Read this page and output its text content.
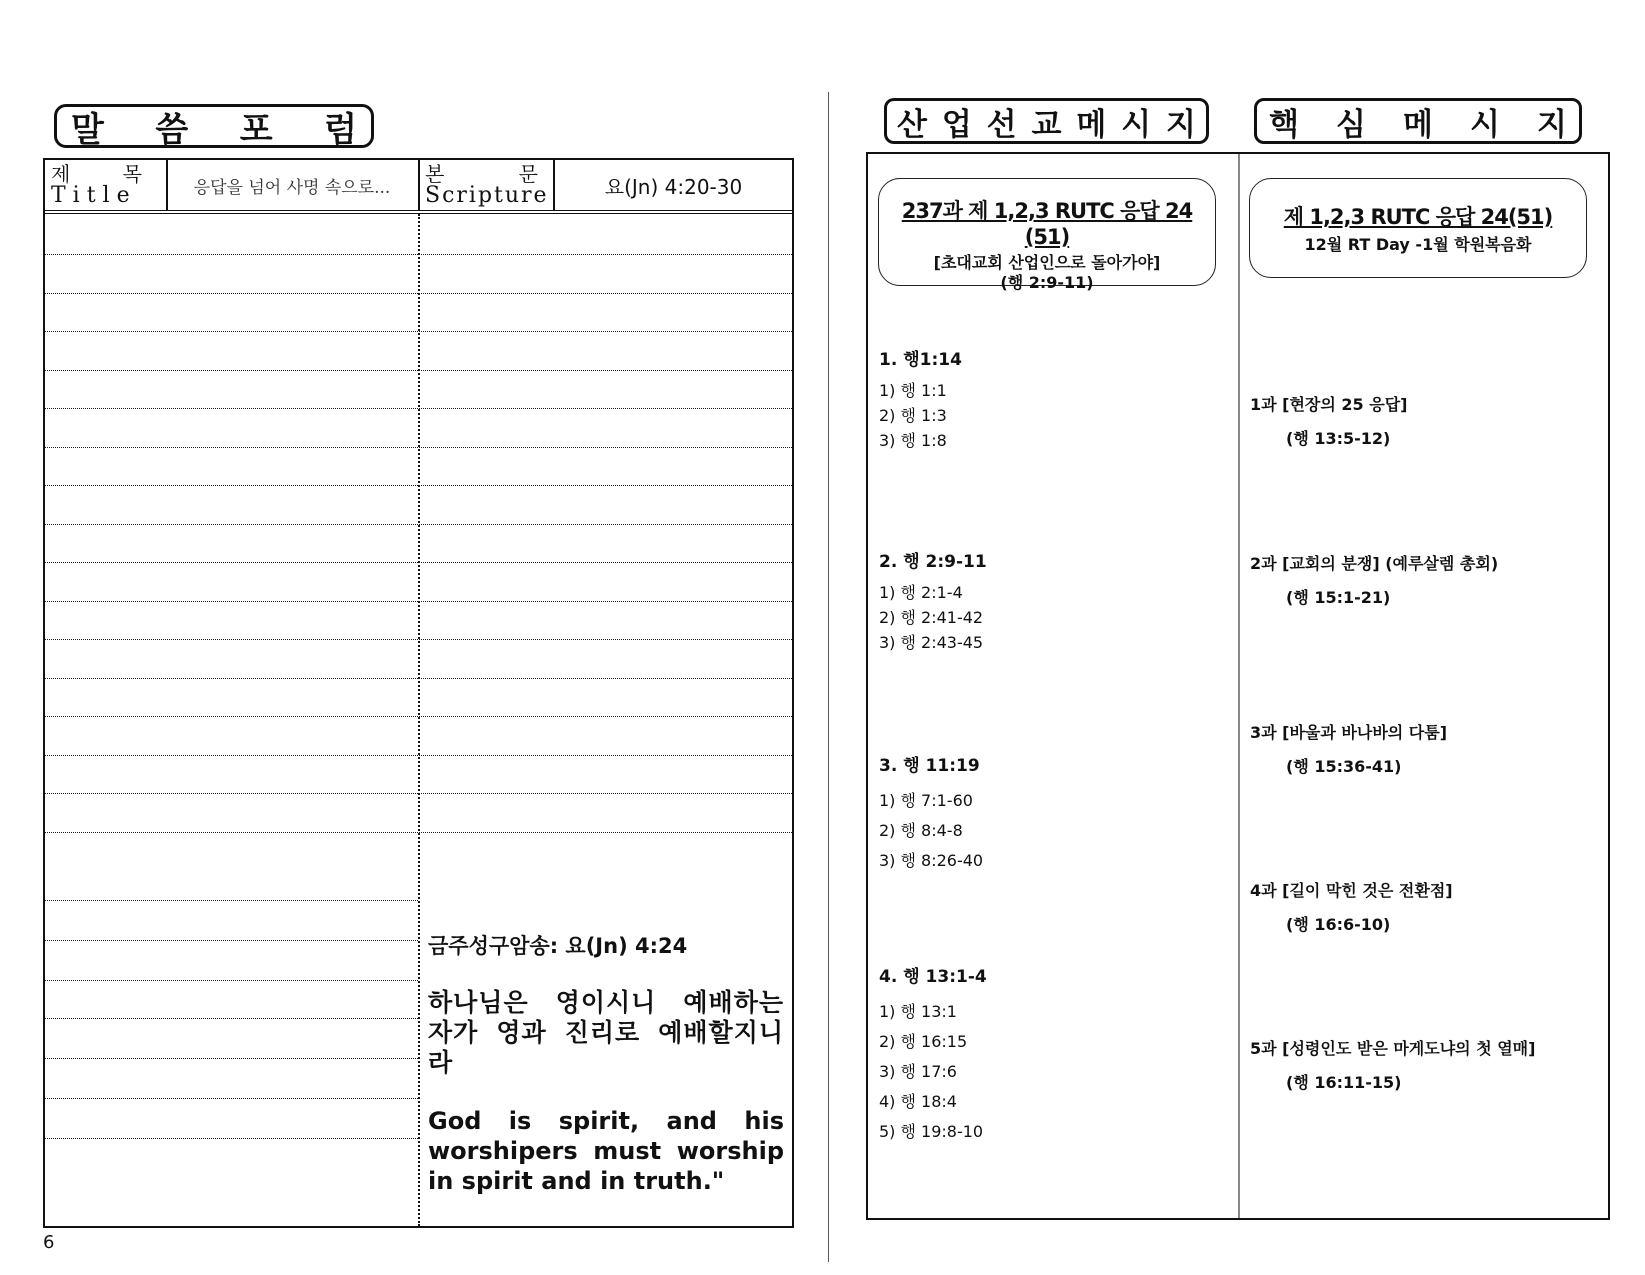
말 씀 포 럼
제 목
Title	응답을 넘어 사명 속으로...
본 문
Scripture	요(Jn) 4:20-30
금주성구암송: 요(Jn) 4:24
하나님은 영이시니 예배하는 자가 영과 진리로 예배할지니라
God is spirit, and his worshipers must worship in spirit and in truth."
6
산 업 선 교 메 시 지 핵 심 메 시 지
237과 제 1,2,3 RUTC 응답 24 (51)
[초대교회 산업인으로 돌아가야]
(행 2:9-11)
제 1,2,3 RUTC 응답 24(51)
12월 RT Day -1월 학원복음화
1. 행1:14
1) 행 1:1
2) 행 1:3
3) 행 1:8
2. 행 2:9-11
1) 행 2:1-4
2) 행 2:41-42
3) 행 2:43-45
3. 행 11:19
1) 행 7:1-60
2) 행 8:4-8
3) 행 8:26-40
4. 행 13:1-4
1) 행 13:1
2) 행 16:15
3) 행 17:6
4) 행 18:4
5) 행 19:8-10
1과 [현장의 25 응답]
(행 13:5-12)
2과 [교회의 분쟁] (예루살렘 총회)
(행 15:1-21)
3과 [바울과 바나바의 다툼]
(행 15:36-41)
4과 [길이 막힌 것은 전환점]
(행 16:6-10)
5과 [성령인도 받은 마게도냐의 첫 열매]
(행 16:11-15)
